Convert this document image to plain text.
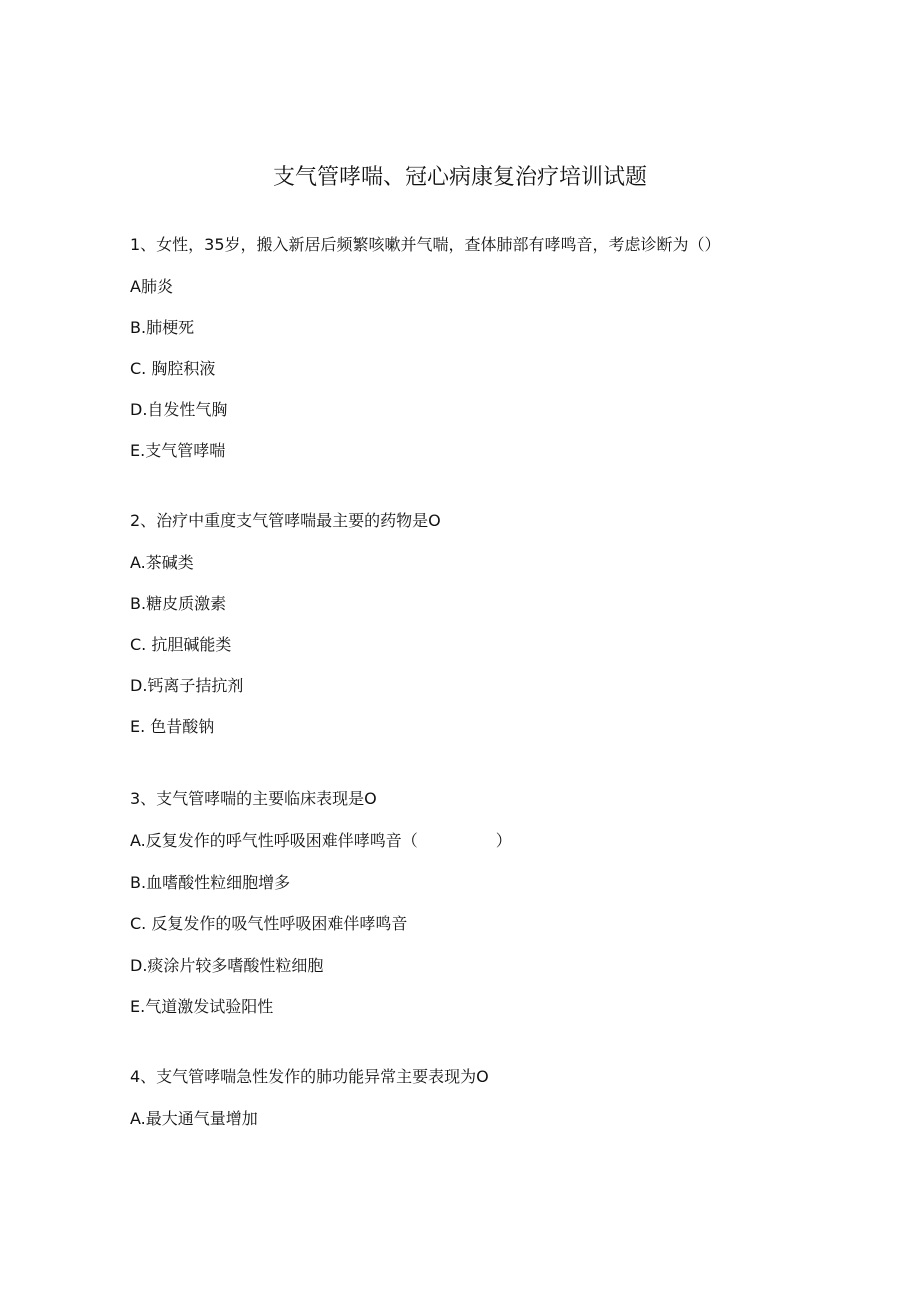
支气管哮喘、冠心病康复治疗培训试题
1、女性，35岁，搬入新居后频繁咳嗽并气喘，查体肺部有哮鸣音，考虑诊断为（）
A肺炎
B.肺梗死
C. 胸腔积液
D.自发性气胸
E.支气管哮喘
2、治疗中重度支气管哮喘最主要的药物是O
A.茶碱类
B.糖皮质激素
C. 抗胆碱能类
D.钙离子拮抗剂
E. 色昔酸钠
3、支气管哮喘的主要临床表现是O
A.反复发作的呼气性呼吸困难伴哮鸣音（	）
B.血嗜酸性粒细胞增多
C. 反复发作的吸气性呼吸困难伴哮鸣音
D.痰涂片较多嗜酸性粒细胞
E.气道激发试验阳性
4、支气管哮喘急性发作的肺功能异常主要表现为O
A.最大通气量增加
